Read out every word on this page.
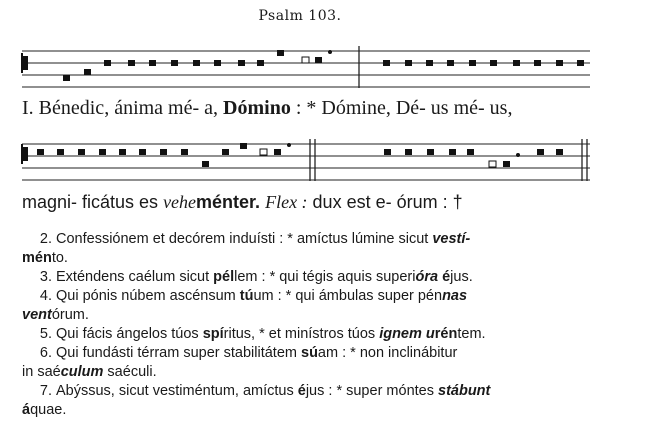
Psalm 103.
I. Bénedic, ánima mé- a, Dómino : * Dómine, Dé- us mé- us,
magni- ficátus es veheménter. Flex : dux est e- órum : †

2. Confessiónem et decórem induísti : * amíctus lúmine sicut vestí-
ménto.

3. Exténdens caélum sicut péllem : * qui tégis aquis superióra éjus.

4. Qui pónis núbem ascénsum túum : * qui ámbulas super pénnas
ventórum.

5. Qui fácis ángelos túos spíritus, * et minístros túos ignem uréntem.

6. Qui fundásti térram super stabilitátem súam : * non inclinábitur
in saéculum saéculi.

7. Abýssus, sicut vestiméntum, amíctus éjus : * super móntes stábunt
áquae.
